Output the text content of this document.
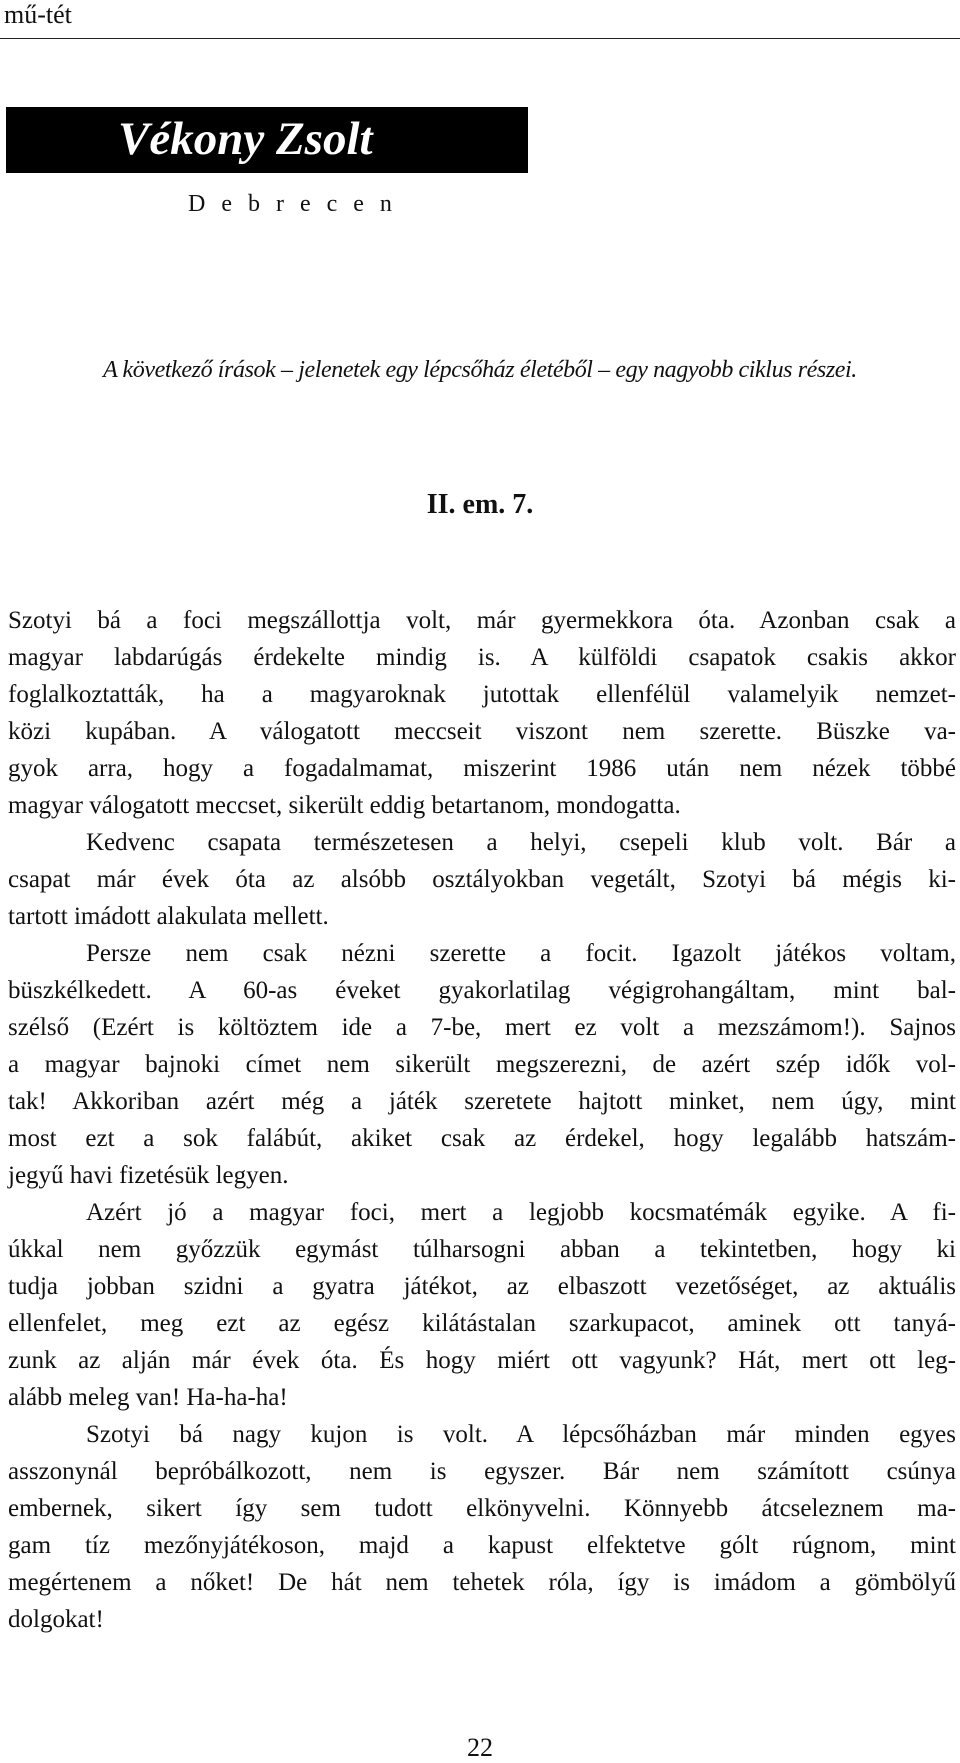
mű-tét
Vékony Zsolt
D e b r e c e n
A következő írások – jelenetek egy lépcsőház életéből – egy nagyobb ciklus részei.
II. em. 7.
Szotyi bá a foci megszállottja volt, már gyermekkora óta. Azonban csak a
magyar labdarúgás érdekelte mindig is. A külföldi csapatok csakis akkor
foglalkoztatták, ha a magyaroknak jutottak ellenfélül valamelyik nemzet-
közi kupában. A válogatott meccseit viszont nem szerette. Büszke va-
gyok arra, hogy a fogadalmamat, miszerint 1986 után nem nézek többé
magyar válogatott meccset, sikerült eddig betartanom, mondogatta.
Kedvenc csapata természetesen a helyi, csepeli klub volt. Bár a
csapat már évek óta az alsóbb osztályokban vegetált, Szotyi bá mégis ki-
tartott imádott alakulata mellett.
Persze nem csak nézni szerette a focit. Igazolt játékos voltam,
büszkélkedett. A 60-as éveket gyakorlatilag végigrohangáltam, mint bal-
szélső (Ezért is költöztem ide a 7-be, mert ez volt a mezszámom!). Sajnos
a magyar bajnoki címet nem sikerült megszerezni, de azért szép idők vol-
tak! Akkoriban azért még a játék szeretete hajtott minket, nem úgy, mint
most ezt a sok falábút, akiket csak az érdekel, hogy legalább hatszám-
jegyű havi fizetésük legyen.
Azért jó a magyar foci, mert a legjobb kocsmatémák egyike. A fi-
úkkal nem győzzük egymást túlharsogni abban a tekintetben, hogy ki
tudja jobban szidni a gyatra játékot, az elbaszott vezetőséget, az aktuális
ellenfelet, meg ezt az egész kilátástalan szarkupacot, aminek ott tanyá-
zunk az alján már évek óta. És hogy miért ott vagyunk? Hát, mert ott leg-
alább meleg van! Ha-ha-ha!
Szotyi bá nagy kujon is volt. A lépcsőházban már minden egyes
asszonynál bepróbálkozott, nem is egyszer. Bár nem számított csúnya
embernek, sikert így sem tudott elkönyvelni. Könnyebb átcseleznem ma-
gam tíz mezőnyjátékoson, majd a kapust elfektetve gólt rúgnom, mint
megértenem a nőket! De hát nem tehetek róla, így is imádom a gömbölyű
dolgokat!
22
